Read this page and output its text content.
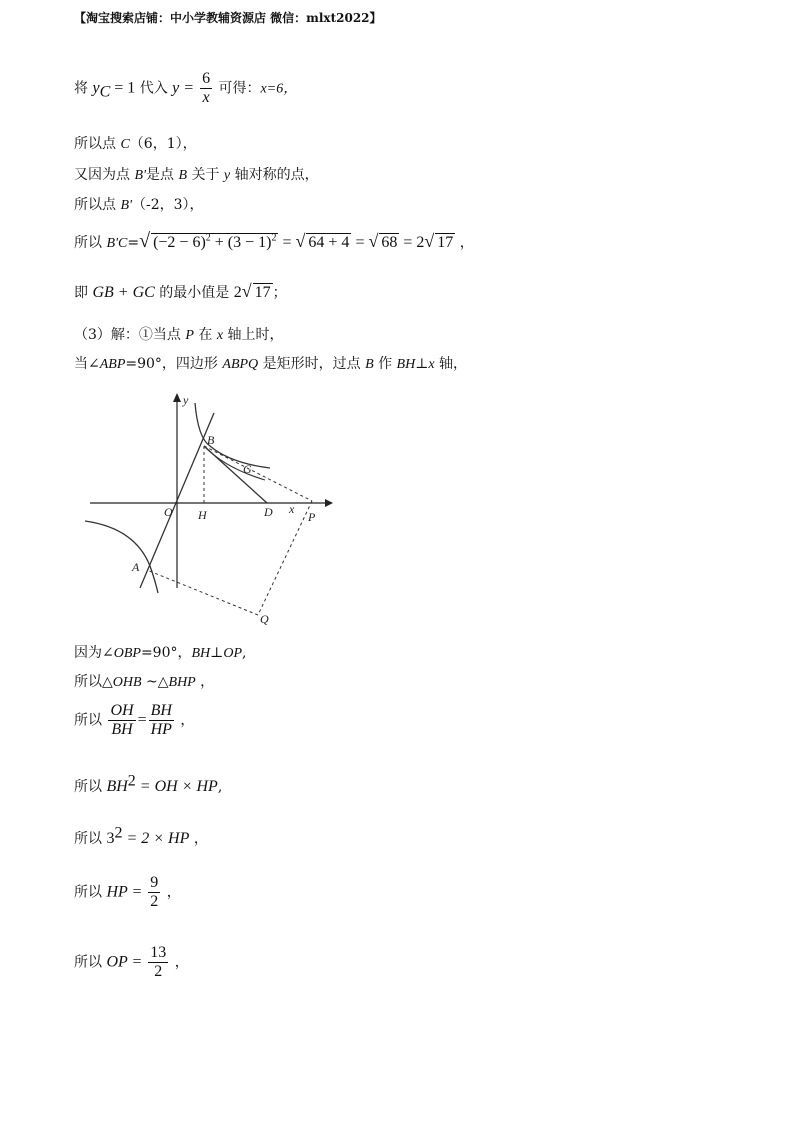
【淘宝搜索店铺：中小学教辅资源店 微信：mlxt2022】
将 $y_C = 1$ 代入 $y = \frac{6}{x}$ 可得：x=6，
所以点 C（6，1），
又因为点 B'是点 B 关于 y 轴对称的点，
所以点 B'（-2，3），
所以 B'C=√ $(-2 - 6)^2 + (3 - 1)^2$ = √ 64 + 4 = √ 68 = 2√ 17 ，
即 GB + GC 的最小值是 2√ 17 ；
（3）解：①当点 P 在 x 轴上时，
当∠ABP=90°，四边形 ABPQ 是矩形时，过点 B 作 BH⊥x 轴，
y
B
G
O H	D x
P
A
Q
因为∠OBP=90°，BH⊥OP,
所以△OHB ~△BHP ，
所以 $\frac{OH}{BH} = \frac{BH}{HP}$ ，
所以 $BH^2$ = OH × HP,
所以 $3^2 = 2$ × HP ，
所以 HP = $\frac{9}{2}$ ，
所以 OP = $\frac{13}{2}$ ，
